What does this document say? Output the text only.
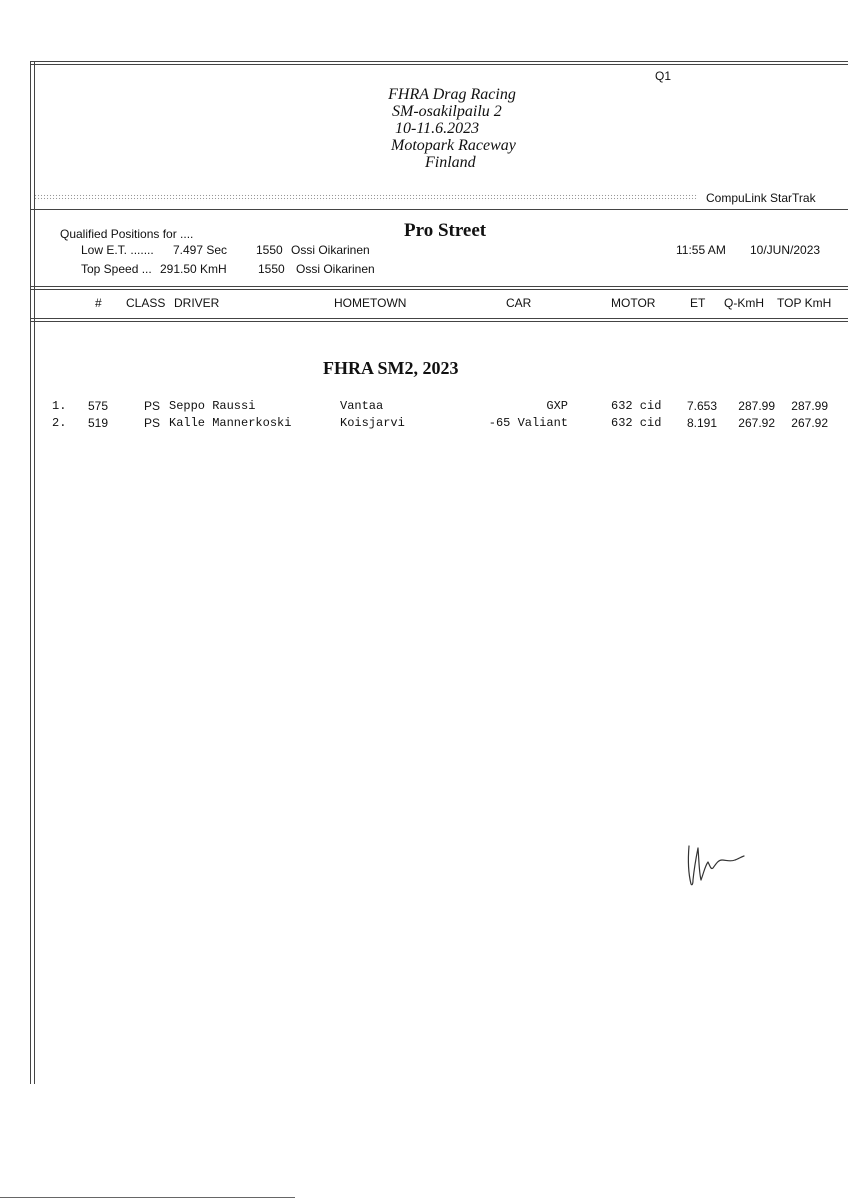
Q1
FHRA Drag Racing
SM-osakilpailu 2
10-11.6.2023
Motopark Raceway
Finland
CompuLink StarTrak
Qualified Positions for ....	Pro Street
Low E.T. ....... 7.497 Sec 1550 Ossi Oikarinen
Top Speed ... 291.50 KmH	1550 Ossi Oikarinen
11:55 AM 10/JUN/2023
# CLASS DRIVER	HOMETOWN	CAR	MOTOR	ET Q-KmH TOP KmH
FHRA SM2, 2023
1. 575	PS Seppo Raussi	Vantaa	GXP	632 cid	7.653	287.99	287.99
2. 519	PS Kalle Mannerkoski	Koisjarvi	-65 Valiant	632 cid	8.191	267.92	267.92
